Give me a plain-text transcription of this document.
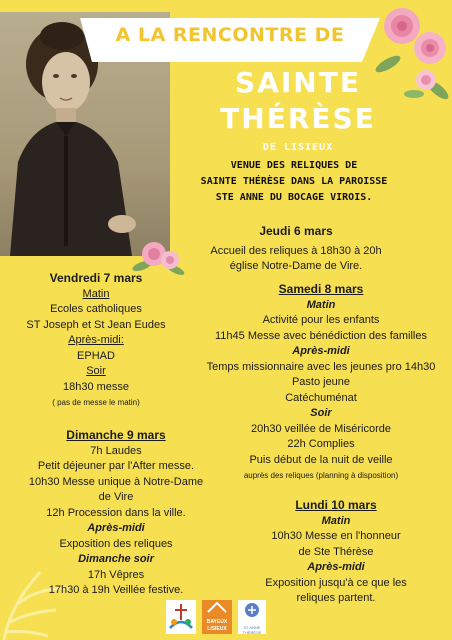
A LA RENCONTRE DE
SAINTE
THÉRÈSE
DE LISIEUX
VENUE DES RELIQUES DE
SAINTE THÉRÈSE DANS LA PAROISSE
STE ANNE DU BOCAGE VIROIS.
Jeudi 6 mars
Accueil des reliques à 18h30 à 20h
église Notre-Dame de Vire.
Vendredi 7 mars
Matin
Ecoles catholiques
ST Joseph et St Jean Eudes
Après-midi:
EPHAD
Soir
18h30 messe
( pas de messe le matin)
Samedi 8 mars
Matin
Activité pour les enfants
11h45 Messe avec bénédiction des familles
Après-midi
Temps missionnaire avec les jeunes pro 14h30
Pasto jeune
Catéchuménat
Soir
20h30 veillée de Miséricorde
22h Complies
Puis début de la nuit de veille
auprès des reliques (planning à disposition)
Dimanche 9 mars
7h Laudes
Petit déjeuner par l'After messe.
10h30 Messe unique à Notre-Dame
de Vire
12h Procession dans la ville.
Après-midi
Exposition des reliques
Dimanche soir
17h Vêpres
17h30 à 19h Veillée festive.
Lundi 10 mars
Matin
10h30 Messe en l'honneur
de Ste Thérèse
Après-midi
Exposition jusqu'à ce que les
reliques partent.
BAYEUX
LISIEUX	ST ANNE THÉRÈSE
